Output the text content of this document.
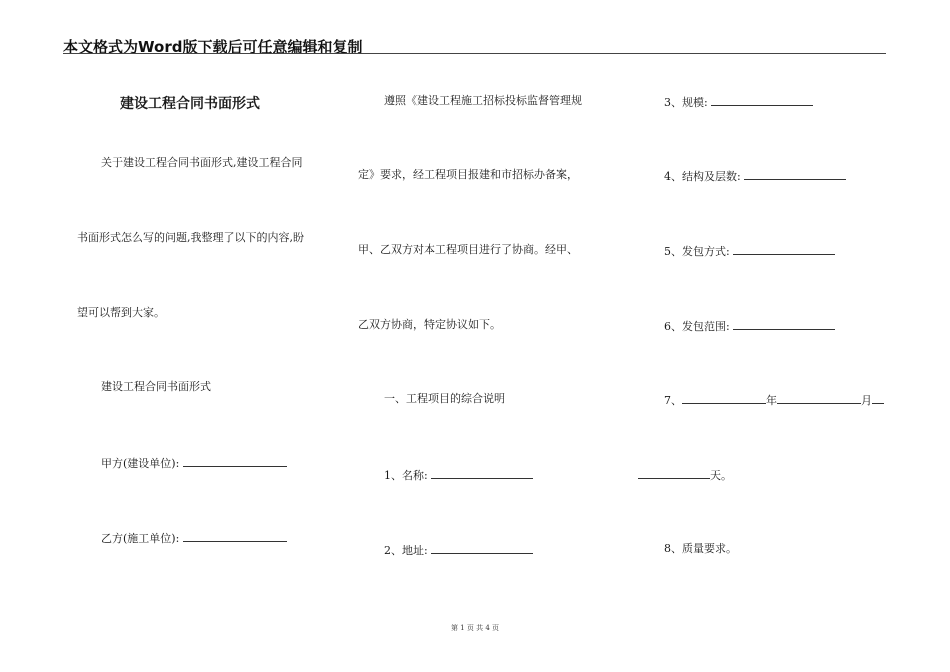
本文格式为Word版下载后可任意编辑和复制
建设工程合同书面形式
关于建设工程合同书面形式,建设工程合同
书面形式怎么写的问题,我整理了以下的内容,盼
望可以帮到大家。
建设工程合同书面形式
甲方(建设单位):
乙方(施工单位):
遵照《建设工程施工招标投标监督管理规
定》要求，经工程项目报建和市招标办备案，
甲、乙双方对本工程项目进行了协商。经甲、
乙双方协商，特定协议如下。
一、工程项目的综合说明
1、名称:
2、地址:
3、规模:
4、结构及层数:
5、发包方式:
6、发包范围:
7、	年	月
天。
8、质量要求。
第 1 页 共 4 页
